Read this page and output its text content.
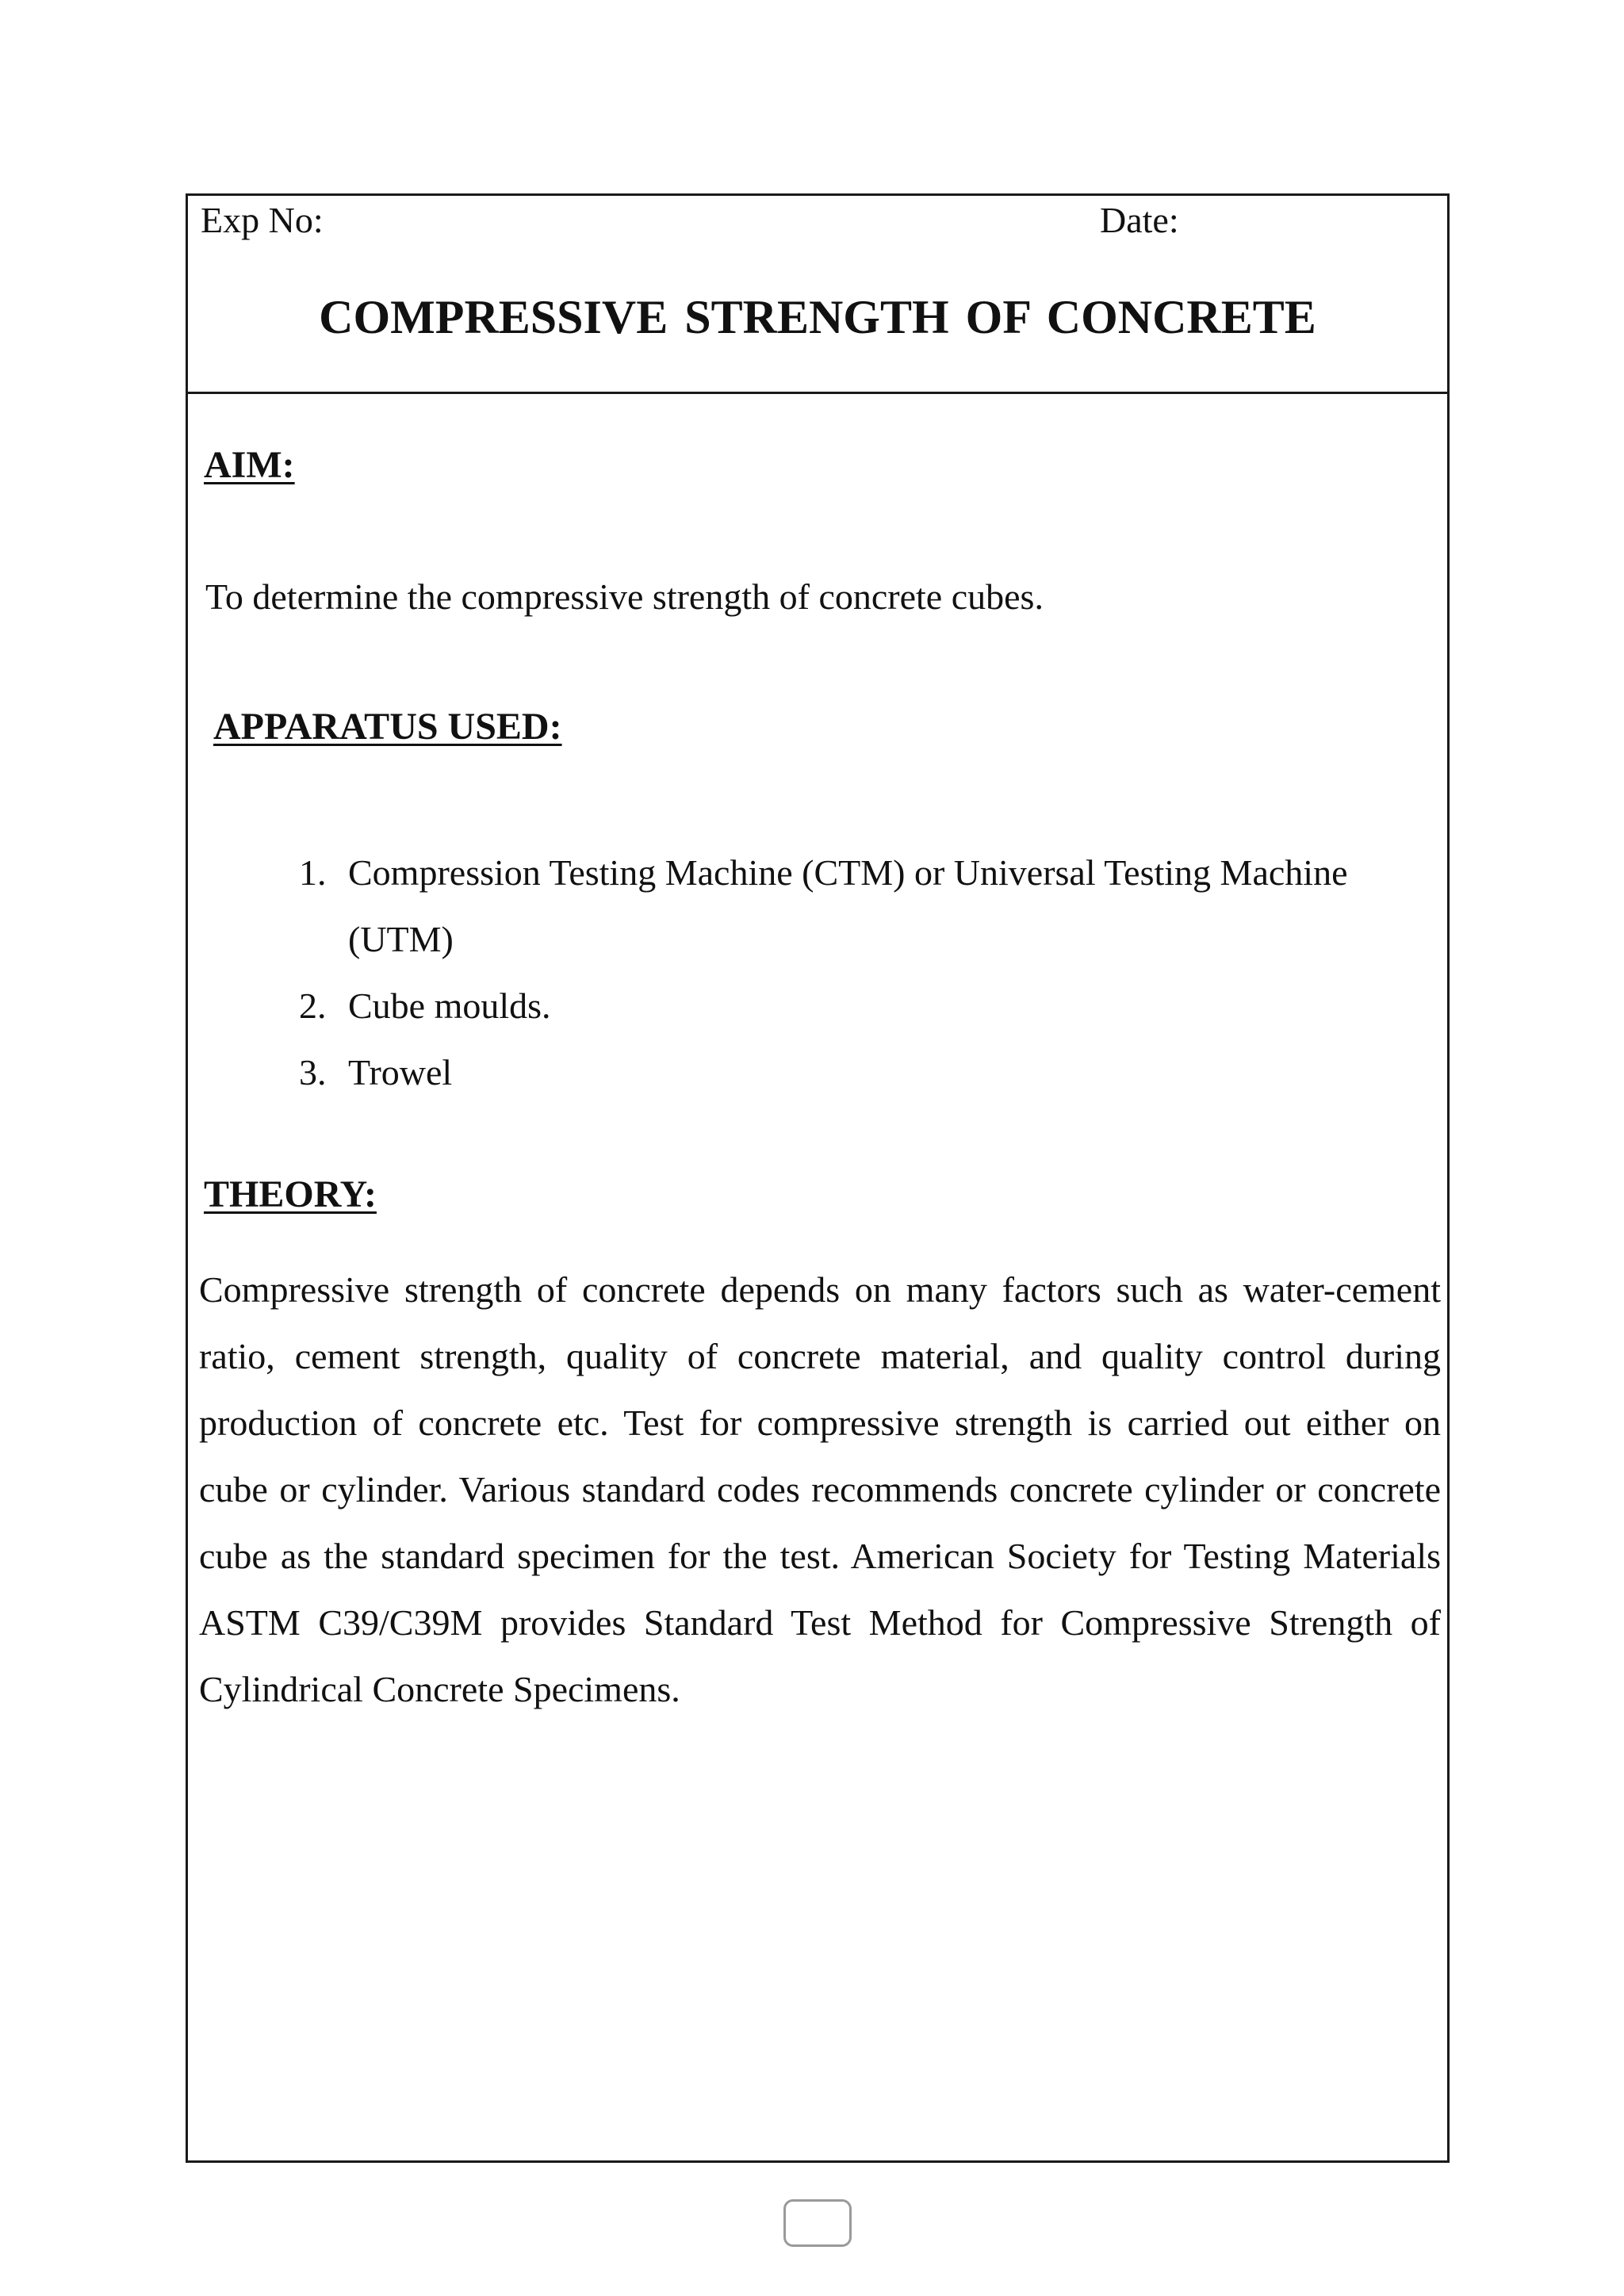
Exp No:	Date:
COMPRESSIVE STRENGTH OF CONCRETE
AIM:
To determine the compressive strength of concrete cubes.
APPARATUS USED:
1. Compression Testing Machine (CTM) or Universal Testing Machine (UTM)
2. Cube moulds.
3. Trowel
THEORY:
Compressive strength of concrete depends on many factors such as water-cement ratio, cement strength, quality of concrete material, and quality control during production of concrete etc. Test for compressive strength is carried out either on cube or cylinder. Various standard codes recommends concrete cylinder or concrete cube as the standard specimen for the test. American Society for Testing Materials ASTM C39/C39M provides Standard Test Method for Compressive Strength of Cylindrical Concrete Specimens.
